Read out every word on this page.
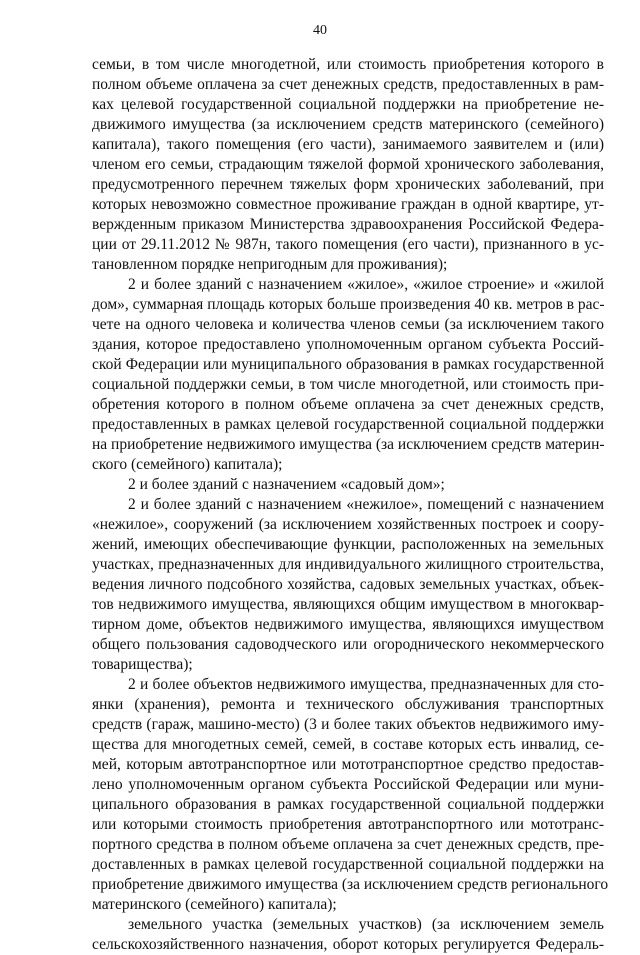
40
семьи, в том числе многодетной, или стоимость приобретения которого в
полном объеме оплачена за счет денежных средств, предоставленных в рам-
ках целевой государственной социальной поддержки на приобретение не-
движимого имущества (за исключением средств материнского (семейного)
капитала), такого помещения (его части), занимаемого заявителем и (или)
членом его семьи, страдающим тяжелой формой хронического заболевания,
предусмотренного перечнем тяжелых форм хронических заболеваний, при
которых невозможно совместное проживание граждан в одной квартире, ут-
вержденным приказом Министерства здравоохранения Российской Федера-
ции от 29.11.2012 № 987н, такого помещения (его части), признанного в ус-
тановленном порядке непригодным для проживания);
2 и более зданий с назначением «жилое», «жилое строение» и «жилой
дом», суммарная площадь которых больше произведения 40 кв. метров в рас-
чете на одного человека и количества членов семьи (за исключением такого
здания, которое предоставлено уполномоченным органом субъекта Россий-
ской Федерации или муниципального образования в рамках государственной
социальной поддержки семьи, в том числе многодетной, или стоимость при-
обретения которого в полном объеме оплачена за счет денежных средств,
предоставленных в рамках целевой государственной социальной поддержки
на приобретение недвижимого имущества (за исключением средств материн-
ского (семейного) капитала);
2 и более зданий с назначением «садовый дом»;
2 и более зданий с назначением «нежилое», помещений с назначением
«нежилое», сооружений (за исключением хозяйственных построек и соору-
жений, имеющих обеспечивающие функции, расположенных на земельных
участках, предназначенных для индивидуального жилищного строительства,
ведения личного подсобного хозяйства, садовых земельных участках, объек-
тов недвижимого имущества, являющихся общим имуществом в многоквар-
тирном доме, объектов недвижимого имущества, являющихся имуществом
общего пользования садоводческого или огороднического некоммерческого
товарищества);
2 и более объектов недвижимого имущества, предназначенных для сто-
янки (хранения), ремонта и технического обслуживания транспортных
средств (гараж, машино-место) (3 и более таких объектов недвижимого иму-
щества для многодетных семей, семей, в составе которых есть инвалид, се-
мей, которым автотранспортное или мототранспортное средство предостав-
лено уполномоченным органом субъекта Российской Федерации или муни-
ципального образования в рамках государственной социальной поддержки
или которыми стоимость приобретения автотранспортного или мототранс-
портного средства в полном объеме оплачена за счет денежных средств, пре-
доставленных в рамках целевой государственной социальной поддержки на
приобретение движимого имущества (за исключением средств регионального
материнского (семейного) капитала);
земельного участка (земельных участков) (за исключением земель
сельскохозяйственного назначения, оборот которых регулируется Федераль-
